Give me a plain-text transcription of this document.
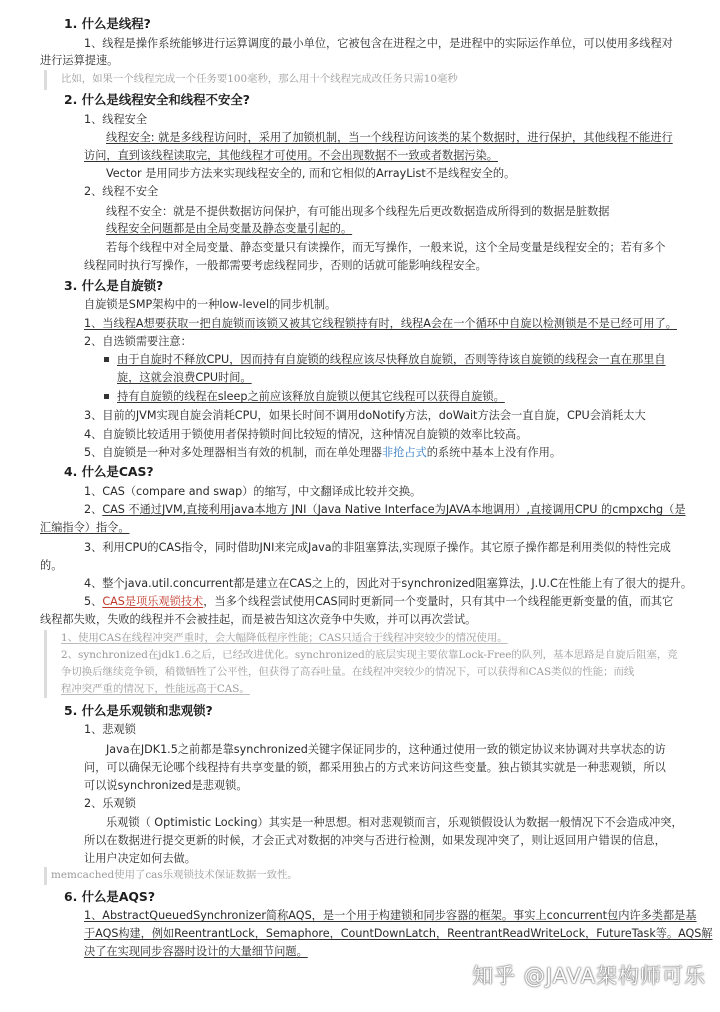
1. 什么是线程?
1、线程是操作系统能够进行运算调度的最小单位，它被包含在进程之中，是进程中的实际运作单位，可以使用多线程对
进行运算提速。
比如，如果一个线程完成一个任务要100毫秒，那么用十个线程完成改任务只需10毫秒
2. 什么是线程安全和线程不安全?
1、线程安全
线程安全: 就是多线程访问时，采用了加锁机制，当一个线程访问该类的某个数据时，进行保护，其他线程不能进行
访问，直到该线程读取完，其他线程才可使用。不会出现数据不一致或者数据污染。
Vector 是用同步方法来实现线程安全的, 而和它相似的ArrayList不是线程安全的。
2、线程不安全
线程不安全：就是不提供数据访问保护，有可能出现多个线程先后更改数据造成所得到的数据是脏数据
线程安全问题都是由全局变量及静态变量引起的。
若每个线程中对全局变量、静态变量只有读操作，而无写操作，一般来说，这个全局变量是线程安全的；若有多个
线程同时执行写操作，一般都需要考虑线程同步，否则的话就可能影响线程安全。
3. 什么是自旋锁?
自旋锁是SMP架构中的一种low-level的同步机制。
1、当线程A想要获取一把自旋锁而该锁又被其它线程锁持有时，线程A会在一个循环中自旋以检测锁是不是已经可用了。
2、自选锁需要注意：
由于自旋时不释放CPU，因而持有自旋锁的线程应该尽快释放自旋锁，否则等待该自旋锁的线程会一直在那里自
旋，这就会浪费CPU时间。
持有自旋锁的线程在sleep之前应该释放自旋锁以便其它线程可以获得自旋锁。
3、目前的JVM实现自旋会消耗CPU，如果长时间不调用doNotify方法，doWait方法会一直自旋，CPU会消耗太大
4、自旋锁比较适用于锁使用者保持锁时间比较短的情况，这种情况自旋锁的效率比较高。
5、自旋锁是一种对多处理器相当有效的机制，而在单处理器非抢占式的系统中基本上没有作用。
4. 什么是CAS?
1、CAS（compare and swap）的缩写，中文翻译成比较并交换。
2、CAS 不通过JVM,直接利用java本地方 JNI（Java Native Interface为JAVA本地调用）,直接调用CPU 的cmpxchg（是
汇编指令）指令。
3、利用CPU的CAS指令，同时借助JNI来完成Java的非阻塞算法,实现原子操作。其它原子操作都是利用类似的特性完成
的。
4、整个java.util.concurrent都是建立在CAS之上的，因此对于synchronized阻塞算法，J.U.C在性能上有了很大的提升。
5、CAS是项乐观锁技术，当多个线程尝试使用CAS同时更新同一个变量时，只有其中一个线程能更新变量的值，而其它
线程都失败，失败的线程并不会被挂起，而是被告知这次竞争中失败，并可以再次尝试。
1、使用CAS在线程冲突严重时，会大幅降低程序性能；CAS只适合于线程冲突较少的情况使用。
2、synchronized在jdk1.6之后，已经改进优化。synchronized的底层实现主要依靠Lock-Free的队列，基本思路是自旋后阻塞，竞
争切换后继续竞争锁，稍微牺牲了公平性，但获得了高吞吐量。在线程冲突较少的情况下，可以获得和CAS类似的性能；而线
程冲突严重的情况下，性能远高于CAS。
5. 什么是乐观锁和悲观锁?
1、悲观锁
Java在JDK1.5之前都是靠synchronized关键字保证同步的，这种通过使用一致的锁定协议来协调对共享状态的访
问，可以确保无论哪个线程持有共享变量的锁，都采用独占的方式来访问这些变量。独占锁其实就是一种悲观锁，所以
可以说synchronized是悲观锁。
2、乐观锁
乐观锁（ Optimistic Locking）其实是一种思想。相对悲观锁而言，乐观锁假设认为数据一般情况下不会造成冲突，
所以在数据进行提交更新的时候，才会正式对数据的冲突与否进行检测，如果发现冲突了，则让返回用户错误的信息，
让用户决定如何去做。
memcached使用了cas乐观锁技术保证数据一致性。
6. 什么是AQS?
1、AbstractQueuedSynchronizer简称AQS，是一个用于构建锁和同步容器的框架。事实上concurrent包内许多类都是基
于AQS构建，例如ReentrantLock，Semaphore，CountDownLatch，ReentrantReadWriteLock，FutureTask等。AQS解
决了在实现同步容器时设计的大量细节问题。
知乎 @JAVA架构师可乐
